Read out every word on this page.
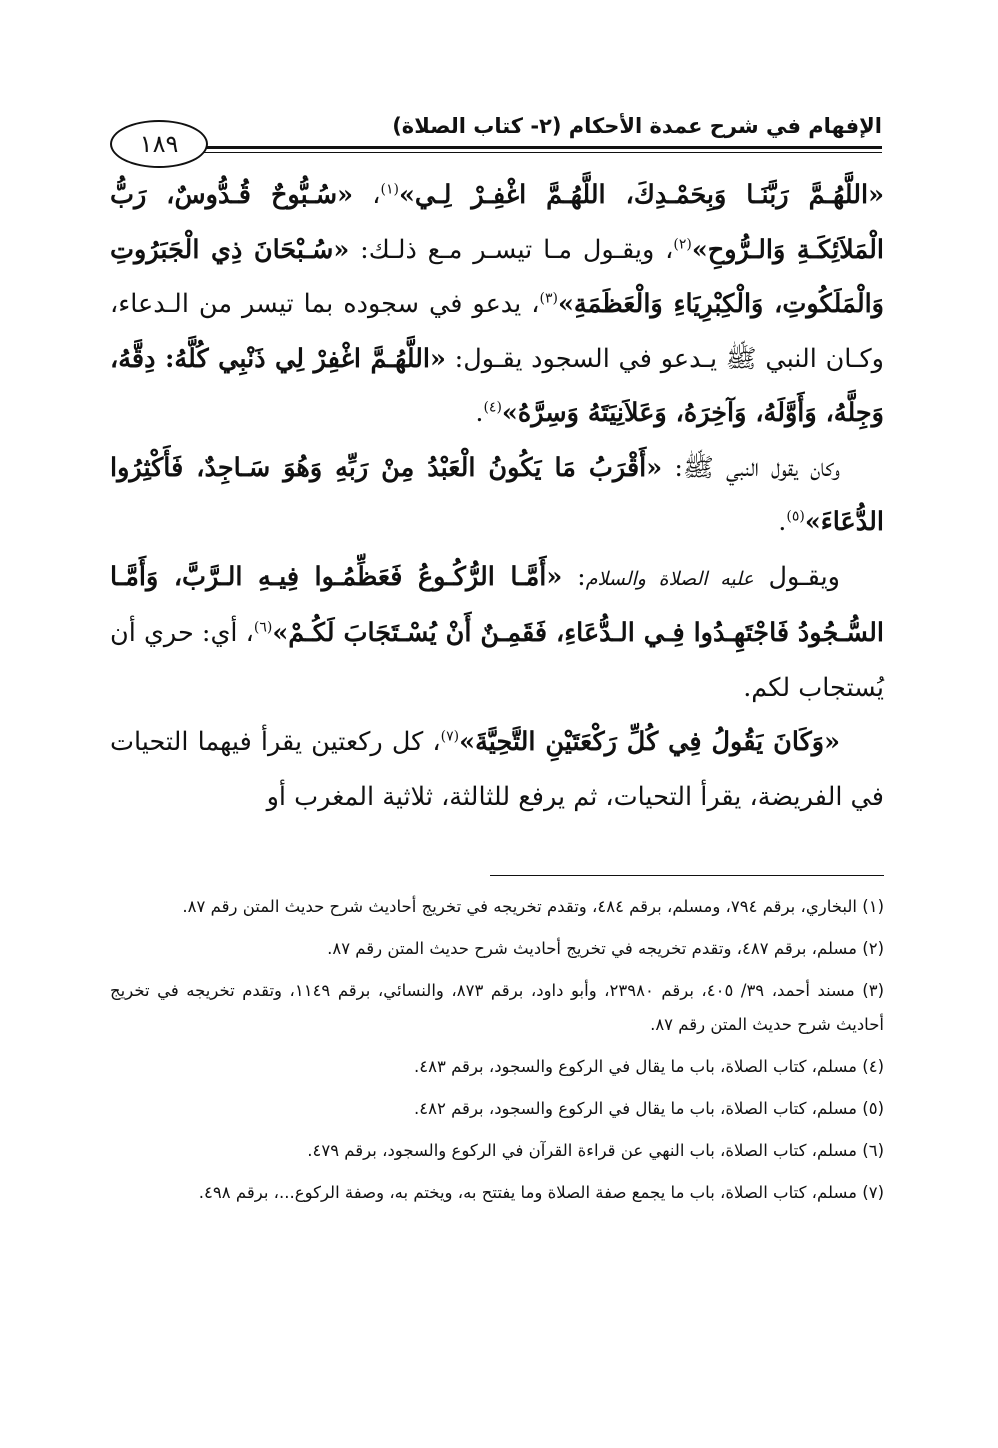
الإفهام في شرح عمدة الأحكام (٢- كتاب الصلاة)
١٨٩

«اللَّهُـمَّ رَبَّنَـا وَبِحَمْـدِكَ، اللَّهُـمَّ اغْفِـرْ لِـي»$^{(١)}$، «سُـبُّوحٌ قُـدُّوسٌ، رَبُّ الْمَلاَئِكَـةِ وَالـرُّوحِ»$^{(٢)}$، ويقـول مـا تيسـر مـع ذلـك: «سُـبْحَانَ ذِي الْجَبَرُوتِ وَالْمَلَكُوتِ، وَالْكِبْرِيَاءِ وَالْعَظَمَةِ»$^{(٣)}$، يدعو في سجوده بما تيسر من الـدعاء، وكـان النبي ﷺ يـدعو في السجود يقـول: «اللَّهُـمَّ اغْفِرْ لِي ذَنْبِي كُلَّهُ: دِقَّهُ، وَجِلَّهُ، وَأَوَّلَهُ، وَآخِرَهُ، وَعَلاَنِيَتَهُ وَسِرَّهُ»$^{(٤)}$.

وكان يقول النبي ﷺ: «أَقْرَبُ مَا يَكُونُ الْعَبْدُ مِنْ رَبِّهِ وَهُوَ سَـاجِدٌ، فَأَكْثِرُوا الدُّعَاءَ»$^{(٥)}$.

ويقـول عليه الصلاة والسلام: «أَمَّـا الرُّكُـوعُ فَعَظِّمُـوا فِيـهِ الـرَّبَّ، وَأَمَّـا السُّـجُودُ فَاجْتَهِـدُوا فِـي الـدُّعَاءِ، فَقَمِـنٌ أَنْ يُسْـتَجَابَ لَكُـمْ»$^{(٦)}$، أي: حري أن يُستجاب لكم.

«وَكَانَ يَقُولُ فِي كُلِّ رَكْعَتَيْنِ التَّحِيَّةَ»$^{(٧)}$، كل ركعتين يقرأ فيهما التحيات في الفريضة، يقرأ التحيات، ثم يرفع للثالثة، ثلاثية المغرب أو

(١) البخاري، برقم ٧٩٤، ومسلم، برقم ٤٨٤، وتقدم تخريجه في تخريج أحاديث شرح حديث المتن رقم ٨٧.

(٢) مسلم، برقم ٤٨٧، وتقدم تخريجه في تخريج أحاديث شرح حديث المتن رقم ٨٧.

(٣) مسند أحمد، ٣٩/ ٤٠٥، برقم ٢٣٩٨٠، وأبو داود، برقم ٨٧٣، والنسائي، برقم ١١٤٩، وتقدم تخريجه في تخريج أحاديث شرح حديث المتن رقم ٨٧.

(٤) مسلم، كتاب الصلاة، باب ما يقال في الركوع والسجود، برقم ٤٨٣.

(٥) مسلم، كتاب الصلاة، باب ما يقال في الركوع والسجود، برقم ٤٨٢.

(٦) مسلم، كتاب الصلاة، باب النهي عن قراءة القرآن في الركوع والسجود، برقم ٤٧٩.

(٧) مسلم، كتاب الصلاة، باب ما يجمع صفة الصلاة وما يفتتح به، ويختم به، وصفة الركوع...، برقم ٤٩٨.
